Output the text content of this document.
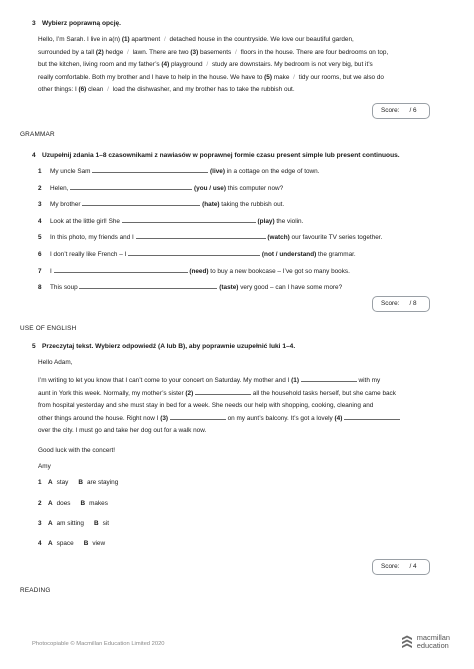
3 Wybierz poprawną opcję.
Hello, I’m Sarah. I live in a(n) (1) apartment / detached house in the countryside. We love our beautiful garden,
surrounded by a tall (2) hedge / lawn. There are two (3) basements / floors in the house. There are four bedrooms on top,
but the kitchen, living room and my father’s (4) playground / study are downstairs. My bedroom is not very big, but it’s
really comfortable. Both my brother and I have to help in the house. We have to (5) make / tidy our rooms, but we also do
other things: I (6) clean / load the dishwasher, and my brother has to take the rubbish out.
Score: / 6
GRAMMAR
4 Uzupełnij zdania 1–8 czasownikami z nawiasów w poprawnej formie czasu present simple lub present continuous.
1 My uncle Sam	(live) in a cottage on the edge of town.
2 Helen,	(you / use) this computer now?
3 My brother	(hate) taking the rubbish out.
4 Look at the little girl! She	(play) the violin.
5 In this photo, my friends and I	(watch) our favourite TV series together.
6 I don’t really like French – I	(not / understand) the grammar.
7 I	(need) to buy a new bookcase – I’ve got so many books.
8 This soup	(taste) very good – can I have some more?
Score: / 8
USE OF ENGLISH
5 Przeczytaj tekst. Wybierz odpowiedź (A lub B), aby poprawnie uzupełnić luki 1–4.
Hello Adam,
I’m writing to let you know that I can’t come to your concert on Saturday. My mother and I (1)	with my
aunt in York this week. Normally, my mother’s sister (2)	all the household tasks herself, but she came back
from hospital yesterday and she must stay in bed for a week. She needs our help with shopping, cooking, cleaning and
other things around the house. Right now I (3)	on my aunt’s balcony. It’s got a lovely (4)
over the city. I must go and take her dog out for a walk now.
Good luck with the concert!
Amy
1 A stay B are staying
2 A does B makes
3 A am sitting B sit
4 A space B view
Score: / 4
READING
Photocopiable © Macmillan Education Limited 2020
macmillan
education
